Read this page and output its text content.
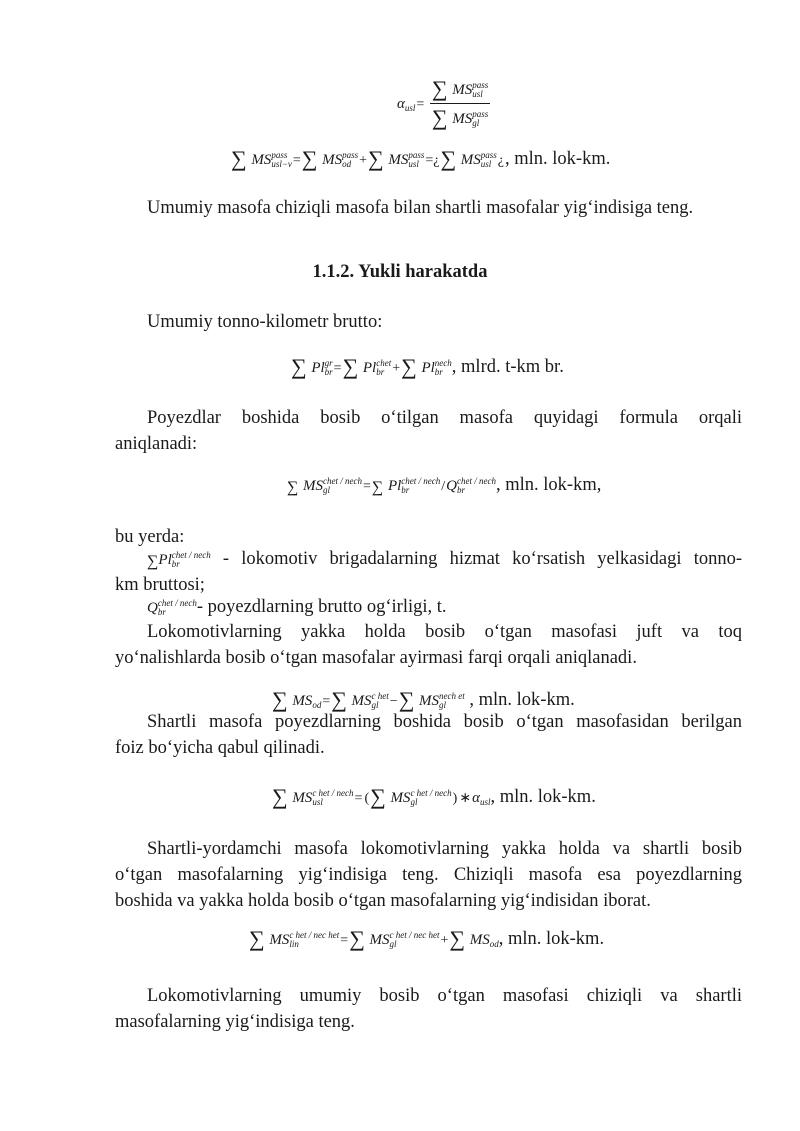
α usl = ∑ MS pass
usl
∑ MS pass
gl
∑ MS pass
usl−v =∑ MS pass
od +∑ MS pass
usl =¿∑ MS pass
usl ¿, mln. lok-km.
Umumiy masofa chiziqli masofa bilan shartli masofalar yig‘indisiga teng.
1.1.2. Yukli harakatda
Umumiy tonno-kilometr brutto:
∑ Pl gr
br =∑ Pl chet
br +∑ Pl nech
br , mlrd. t-km br.
Poyezdlar boshida bosib o‘tilgan masofa quyidagi formula orqali
aniqlanadi:
∑ MS chet / nech
gl	=∑ Pl chet / nech
br	/Q chet / nech
br	, mln. lok-km,
bu yerda:
∑Pl chet / nech
br	- lokomotiv brigadalarning hizmat ko‘rsatish yelkasidagi tonno-
km bruttosi;
Q chet / nech
br	- poyezdlarning brutto og‘irligi, t.
Lokomotivlarning yakka holda bosib o‘tgan masofasi juft va toq
yo‘nalishlarda bosib o‘tgan masofalar ayirmasi farqi orqali aniqlanadi.
∑ MS od =∑ MS c het
gl −∑ MS nech et
gl	, mln. lok-km.
Shartli masofa poyezdlarning boshida bosib o‘tgan masofasidan berilgan
foiz bo‘yicha qabul qilinadi.
∑ MS c het / nech
usl	= (∑ MS c het / nech
gl	) ∗α usl , mln. lok-km.
Shartli-yordamchi masofa lokomotivlarning yakka holda va shartli bosib
o‘tgan masofalarning yig‘indisiga teng. Chiziqli masofa esa poyezdlarning
boshida va yakka holda bosib o‘tgan masofalarning yig‘indisidan iborat.
∑ MS c het / nec het
lin	=∑ MS c het / nec het
gl	+∑ MS od , mln. lok-km.
Lokomotivlarning umumiy bosib o‘tgan masofasi chiziqli va shartli
masofalarning yig‘indisiga teng.
